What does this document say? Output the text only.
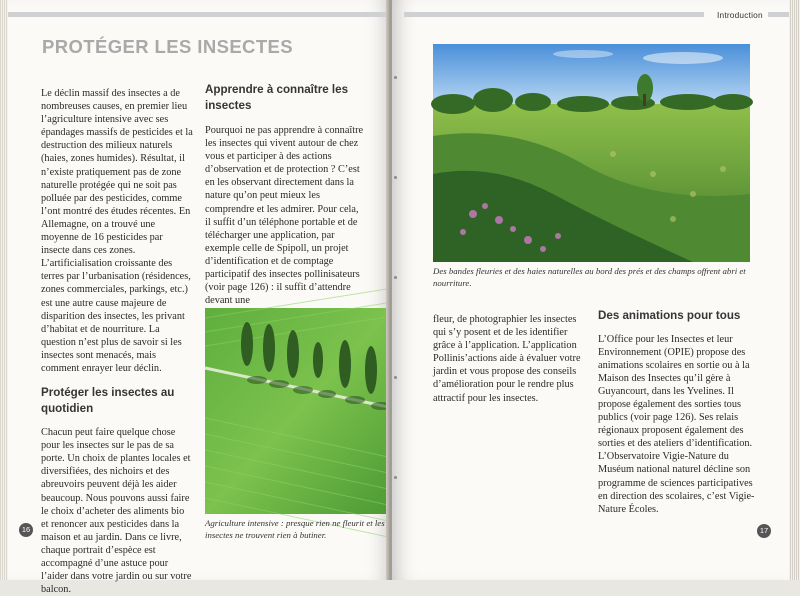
PROTÉGER LES INSECTES

Le déclin massif des insectes a de nombreuses causes, en premier lieu l’agriculture intensive avec ses épandages massifs de pesticides et la destruction des milieux naturels (haies, zones humides). Résultat, il n’existe pratiquement pas de zone naturelle protégée qui ne soit pas polluée par des pesticides, comme l’ont montré des études récentes. En Allemagne, on a trouvé une moyenne de 16 pesticides par insecte dans ces zones. L’artificialisation croissante des terres par l’urbanisation (résidences, zones commerciales, parkings, etc.) est une autre cause majeure de disparition des insectes, les privant d’habitat et de nourriture. La question n’est plus de savoir si les insectes sont menacés, mais comment enrayer leur déclin.

Protéger les insectes au quotidien

Chacun peut faire quelque chose pour les insectes sur le pas de sa porte. Un choix de plantes locales et diversifiées, des nichoirs et des abreuvoirs peuvent déjà les aider beaucoup. Nous pouvons aussi faire le choix d’acheter des aliments bio et renoncer aux pesticides dans la maison et au jardin. Dans ce livre, chaque portrait d’espèce est accompagné d’une astuce pour l’aider dans votre jardin ou sur votre balcon.

Apprendre à connaître les insectes

Pourquoi ne pas apprendre à connaître les insectes qui vivent autour de chez vous et participer à des actions d’observation et de protection ? C’est en les observant directement dans la nature qu’on peut mieux les comprendre et les admirer. Pour cela, il suffit d’un téléphone portable et de télécharger une application, par exemple celle de Spipoll, un projet d’identification et de comptage participatif des insectes pollinisateurs (voir page 126) : il suffit d’attendre devant une

Agriculture intensive : presque rien ne fleurit et les insectes ne trouvent rien à butiner.
16
Introduction
Des bandes fleuries et des haies naturelles au bord des prés et des champs offrent abri et nourriture.

fleur, de photographier les insectes qui s’y posent et de les identifier grâce à l’application. L’application Pollinis’actions aide à évaluer votre jardin et vous propose des conseils d’amélioration pour le rendre plus attractif pour les insectes.

Des animations pour tous

L’Office pour les Insectes et leur Environnement (OPIE) propose des animations scolaires en sortie ou à la Maison des Insectes qu’il gère à Guyancourt, dans les Yvelines. Il propose également des sorties tous publics (voir page 126). Ses relais régionaux proposent également des sorties et des ateliers d’identification. L’Observatoire Vigie-Nature du Muséum national naturel décline son programme de sciences participatives en direction des scolaires, c’est Vigie-Nature Écoles.

17
